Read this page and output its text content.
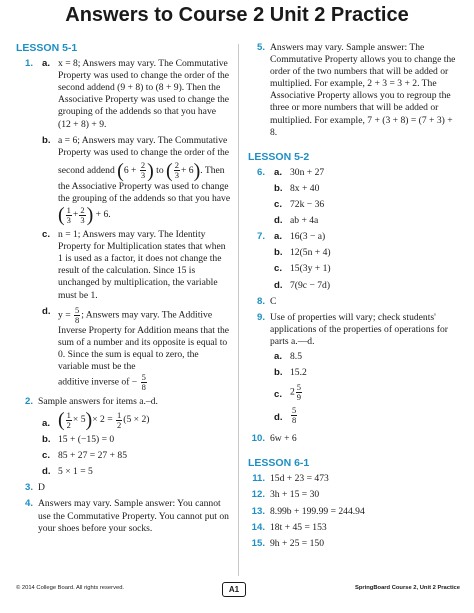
Answers to Course 2 Unit 2 Practice
LESSON 5-1
1. a. x = 8; Answers may vary. The Commutative Property was used to change the order of the second addend (9 + 8) to (8 + 9). Then the Associative Property was used to change the grouping of the addends so that you have (12 + 8) + 9.
b. a = 6; Answers may vary. The Commutative Property was used to change the order of the
second addend ($6 + \frac{2}{3}$ ) to ( $\frac{2}{3} + 6$). Then the Associative Property was used to change the grouping of the addends so that you have
( $\frac{1}{3} + \frac{2}{3}$ ) + 6.
c. n = 1; Answers may vary. The Identity Property for Multiplication states that when 1 is used as a factor, it does not change the result of the calculation. Since 15 is unchanged by multiplication, the variable must be 1.
d. $y = \frac{5}{8}$ ; Answers may vary. The Additive Inverse Property for Addition means that the sum of a number and its opposite is equal to 0. Since the sum is equal to zero, the variable must be the
additive inverse of − $\frac{5}{8}$
2. Sample answers for items a.–d.
a. ( $\frac{1}{2} \times 5)\times 2 = \frac{1}{2} (5 \times 2)$
b. 15 + (−15) = 0
c. 85 + 27 = 27 + 85
d. 5 × 1 = 5
3. D
4. Answers may vary. Sample answer: You cannot use the Commutative Property. You cannot put on your shoes before your socks.
5. Answers may vary. Sample answer: The Commutative Property allows you to change the order of the two numbers that will be added or multiplied. For example, 2 + 3 = 3 + 2. The Associative Property allows you to regroup the three or more numbers that will be added or multiplied. For example, 7 + (3 + 8) = (7 + 3) + 8.
LESSON 5-2
6. a. 30n + 27
b. 8x + 40
c. 72k − 36
d. ab + 4a
7. a. 16(3 − a)
b. 12(5n + 4)
c. 15(3y + 1)
d. 7(9c − 7d)
8. C
9. Use of properties will vary; check students' applications of the properties of operations for parts a.—d.
a. 8.5
b. 15.2
c. $2 \frac{5}{9}$
d. $\frac{5}{8}$
10. 6w + 6
LESSON 6-1
11. 15d + 23 = 473
12. 3h + 15 = 30
13. 8.99b + 199.99 = 244.94
14. 18t + 45 = 153
15. 9h + 25 = 150
© 2014 College Board. All rights reserved.	A1	SpringBoard Course 2, Unit 2 Practice
